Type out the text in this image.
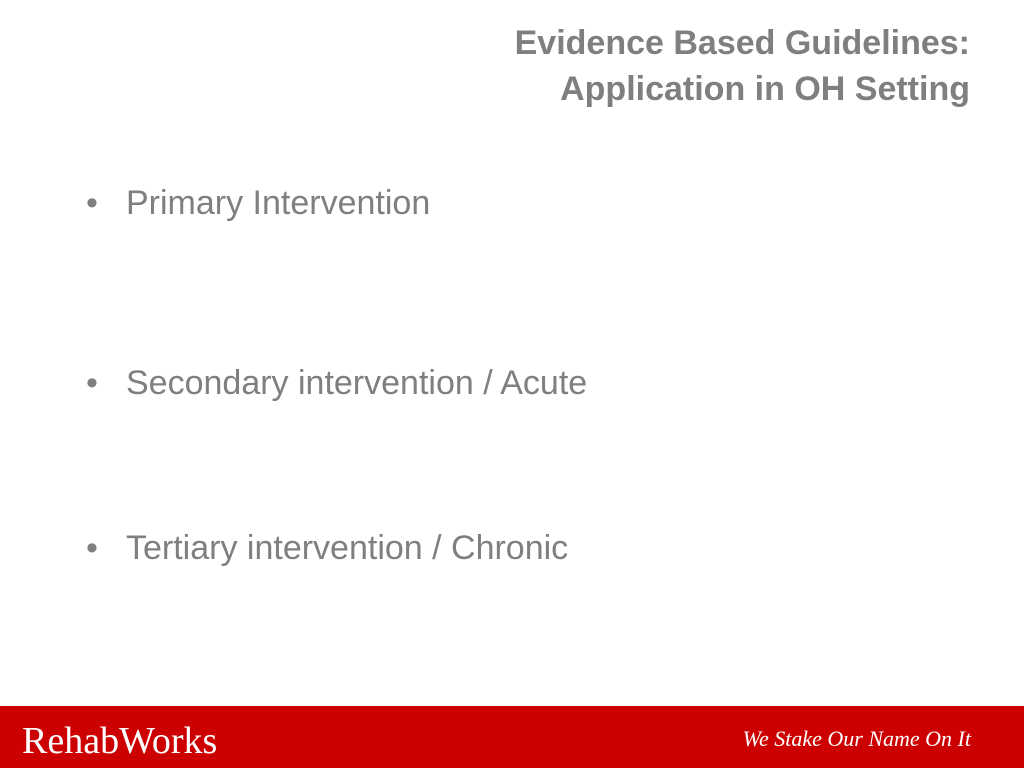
Evidence Based Guidelines:
Application in OH Setting
• Primary Intervention
• Secondary intervention / Acute
• Tertiary intervention / Chronic
RehabWorks	We Stake Our Name On It
